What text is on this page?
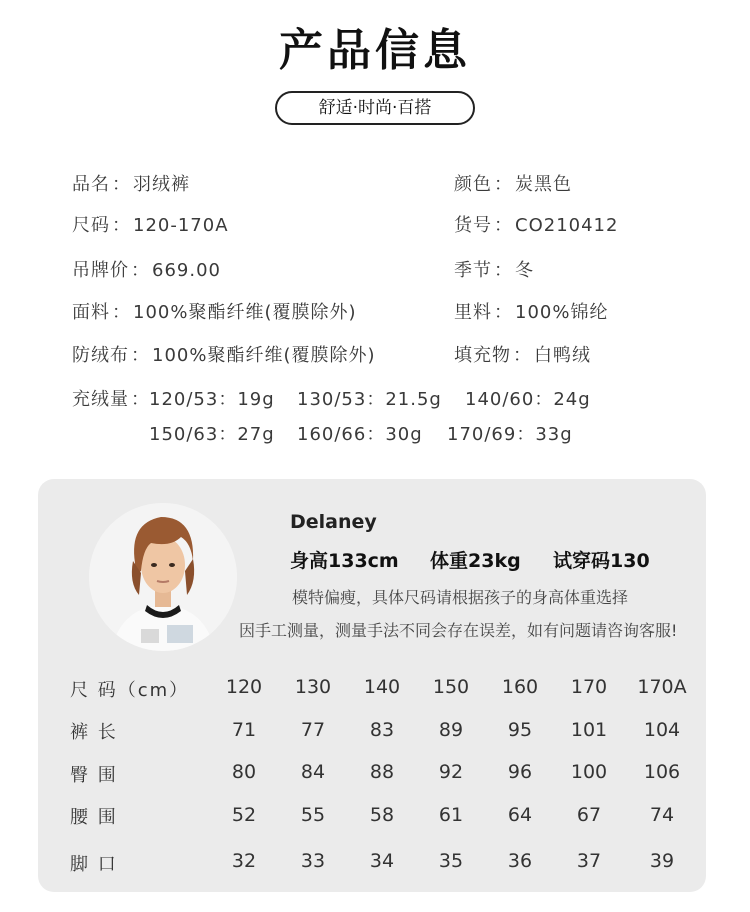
产品信息
舒适·时尚·百搭
品名 ： 羽绒裤	颜色 ： 炭黑色
尺码 ： 120-170A	货号 ： CO210412
吊牌价 ： 669.00	季节 ： 冬
面料 ： 100%聚酯纤维(覆膜除外)	里料 ： 100%锦纶
防绒布 ： 100%聚酯纤维(覆膜除外)	填充物 ： 白鸭绒
充绒量 ： 120/53：19g 130/53：21.5g 140/60：24g
150/63：27g 160/66：30g 170/69：33g
Delaney
身高133cm 体重23kg 试穿码130
模特偏瘦，具体尺码请根据孩子的身高体重选择
因手工测量，测量手法不同会存在误差，如有问题请咨询客服!
尺 码（cm）	120	130	140	150	160	170	170A
裤 长	71	77	83	89	95	101	104
臀 围	80	84	88	92	96	100	106
腰 围	52	55	58	61	64	67	74
脚 口	32	33	34	35	36	37	39
